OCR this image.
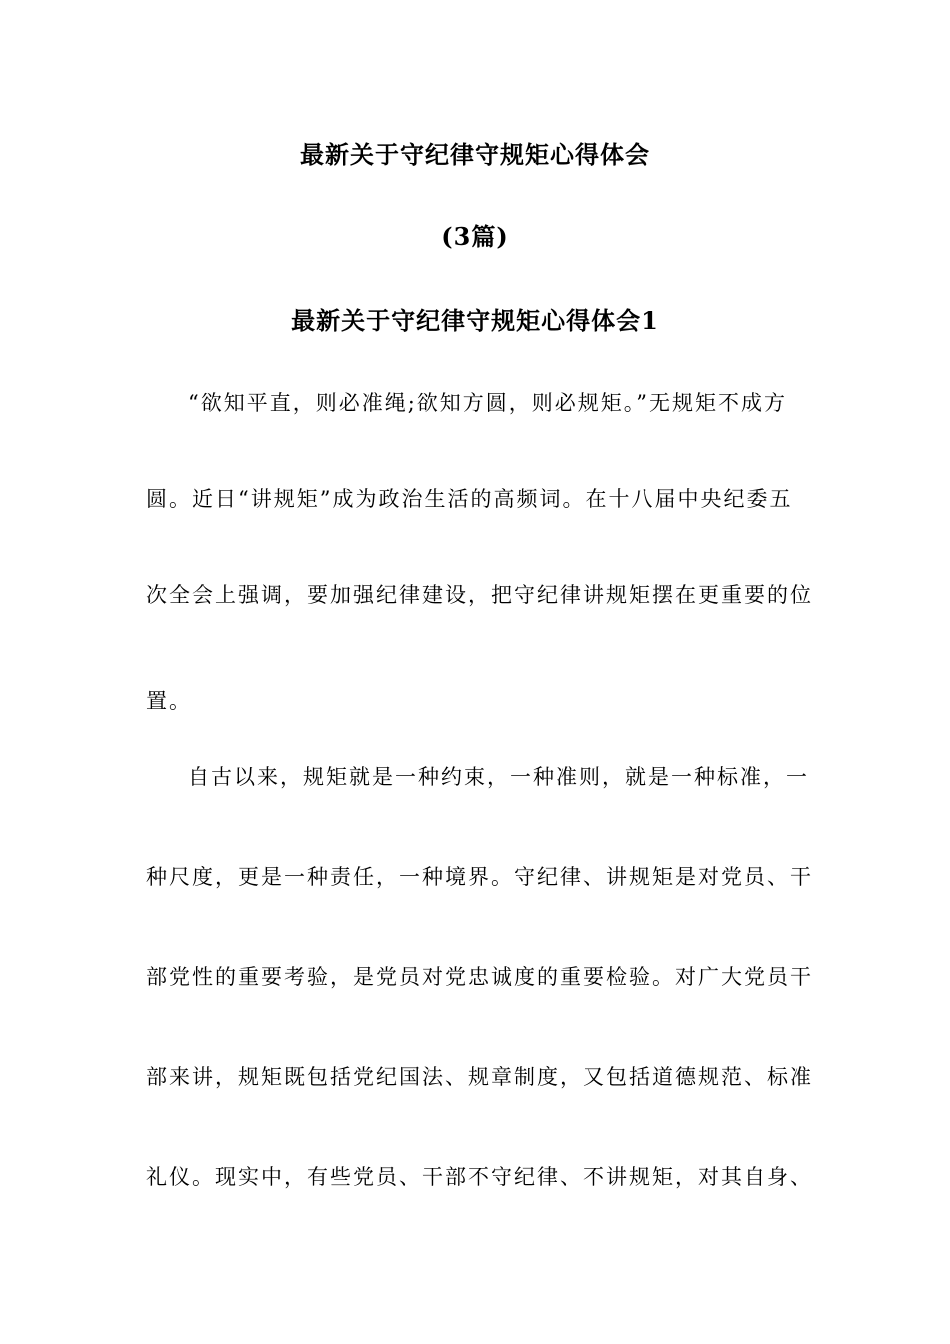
最新关于守纪律守规矩心得体会
(3篇)
最新关于守纪律守规矩心得体会1
“欲知平直，则必准绳;欲知方圆，则必规矩。”无规矩不成方
圆。近日“讲规矩”成为政治生活的高频词。在十八届中央纪委五
次全会上强调，要加强纪律建设，把守纪律讲规矩摆在更重要的位
置。
自古以来，规矩就是一种约束，一种准则，就是一种标准，一
种尺度，更是一种责任，一种境界。守纪律、讲规矩是对党员、干
部党性的重要考验，是党员对党忠诚度的重要检验。对广大党员干
部来讲，规矩既包括党纪国法、规章制度，又包括道德规范、标准
礼仪。现实中，有些党员、干部不守纪律、不讲规矩，对其自身、
